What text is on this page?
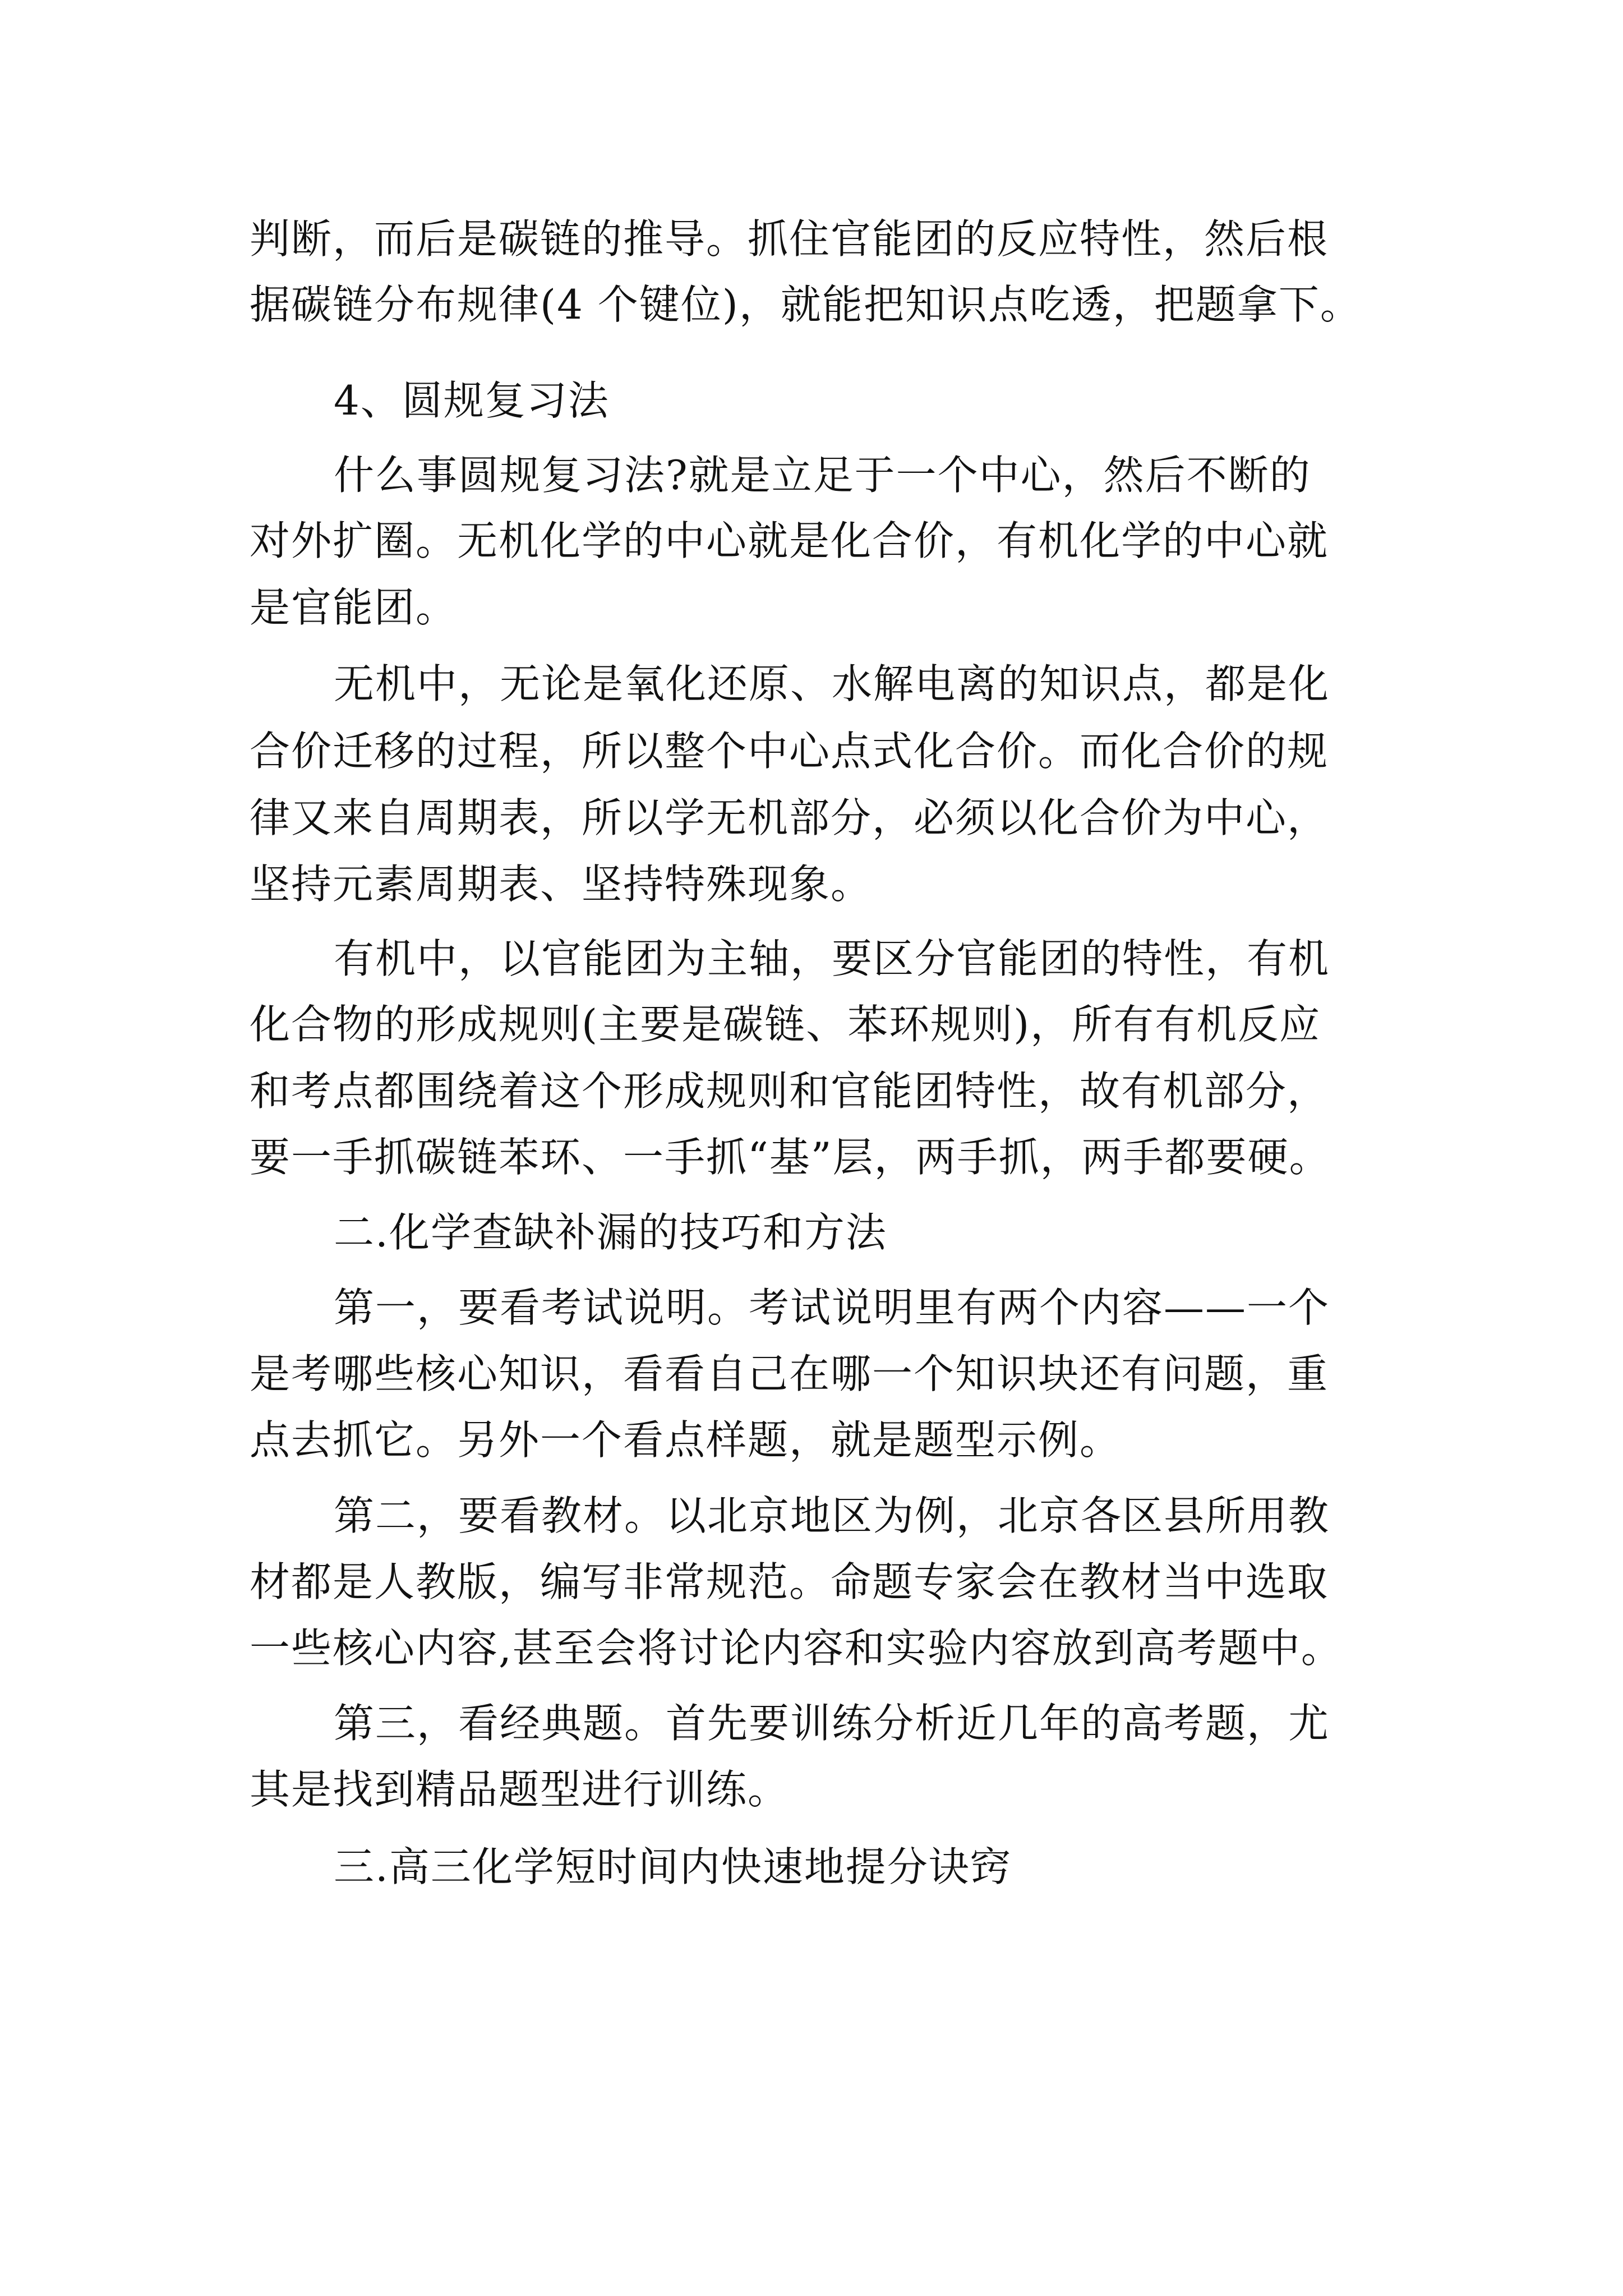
判断，而后是碳链的推导。抓住官能团的反应特性，然后根
据碳链分布规律(4 个键位)，就能把知识点吃透，把题拿下。
4、圆规复习法
什么事圆规复习法?就是立足于一个中心，然后不断的
对外扩圈。无机化学的中心就是化合价，有机化学的中心就
是官能团。
无机中，无论是氧化还原、水解电离的知识点，都是化
合价迁移的过程，所以整个中心点式化合价。而化合价的规
律又来自周期表，所以学无机部分，必须以化合价为中心，
坚持元素周期表、坚持特殊现象。
有机中，以官能团为主轴，要区分官能团的特性，有机
化合物的形成规则(主要是碳链、苯环规则)，所有有机反应
和考点都围绕着这个形成规则和官能团特性，故有机部分，
要一手抓碳链苯环、一手抓“基”层，两手抓，两手都要硬。
二.化学查缺补漏的技巧和方法
第一，要看考试说明。考试说明里有两个内容——一个
是考哪些核心知识，看看自己在哪一个知识块还有问题，重
点去抓它。另外一个看点样题，就是题型示例。
第二，要看教材。以北京地区为例，北京各区县所用教
材都是人教版，编写非常规范。命题专家会在教材当中选取
一些核心内容,甚至会将讨论内容和实验内容放到高考题中。
第三，看经典题。首先要训练分析近几年的高考题，尤
其是找到精品题型进行训练。
三.高三化学短时间内快速地提分诀窍
